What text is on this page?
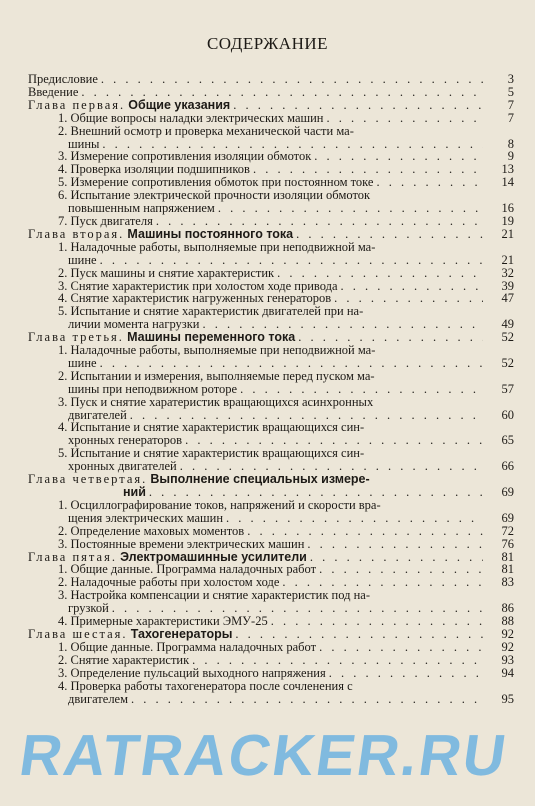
СОДЕРЖАНИЕ
Предисловие . . .	3
Введение . . .	5
Глава первая. Общие указания . . .	7
1. Общие вопросы наладки электрических машин . . .	7
2. Внешний осмотр и проверка механической части ма-
шины . . .	8
3. Измерение сопротивления изоляции обмоток . . .	9
4. Проверка изоляции подшипников . . .	13
5. Измерение сопротивления обмоток при постоянном токе . . .	14
6. Испытание электрической прочности изоляции обмоток
повышенным напряжением . . .	16
7. Пуск двигателя . . .	19
Глава вторая. Машины постоянного тока . . .	21
1. Наладочные работы, выполняемые при неподвижной ма-
шине . . .	21
2. Пуск машины и снятие характеристик . . .	32
3. Снятие характеристик при холостом ходе привода . . .	39
4. Снятие характеристик нагруженных генераторов . . .	47
5. Испытание и снятие характеристик двигателей при на-
личии момента нагрузки . . .	49
Глава третья. Машины переменного тока . . .	52
1. Наладочные работы, выполняемые при неподвижной ма-
шине . . .	52
2. Испытании и измерения, выполняемые перед пуском ма-
шины при неподвижном роторе . . .	57
3. Пуск и снятие харатеристик вращающихся асинхронных
двигателей . . .	60
4. Испытание и снятие характеристик вращающихся син-
хронных генераторов . . .	65
5. Испытание и снятие характеристик вращающихся син-
хронных двигателей . . .	66
Глава четвертая. Выполнение специальных измере-
ний . . .	69
1. Осциллографирование токов, напряжений и скорости вра-
щения электрических машин . . .	69
2. Определение маховых моментов . . .	72
3. Постоянные времени электрических машин . . .	76
Глава пятая. Электромашинные усилители . . .	81
1. Общие данные. Программа наладочных работ . . .	81
2. Наладочные работы при холостом ходе . . .	83
3. Настройка компенсации и снятие характеристик под на-
грузкой . . .	86
4. Примерные характеристики ЭМУ-25 . . .	88
Глава шестая. Тахогенераторы . . .	92
1. Общие данные. Программа наладочных работ . . .	92
2. Снятие характеристик . . .	93
3. Определение пульсаций выходного напряжения . . .	94
4. Проверка работы тахогенератора после сочленения с
двигателем . . .	95
RATRACKER.RU
